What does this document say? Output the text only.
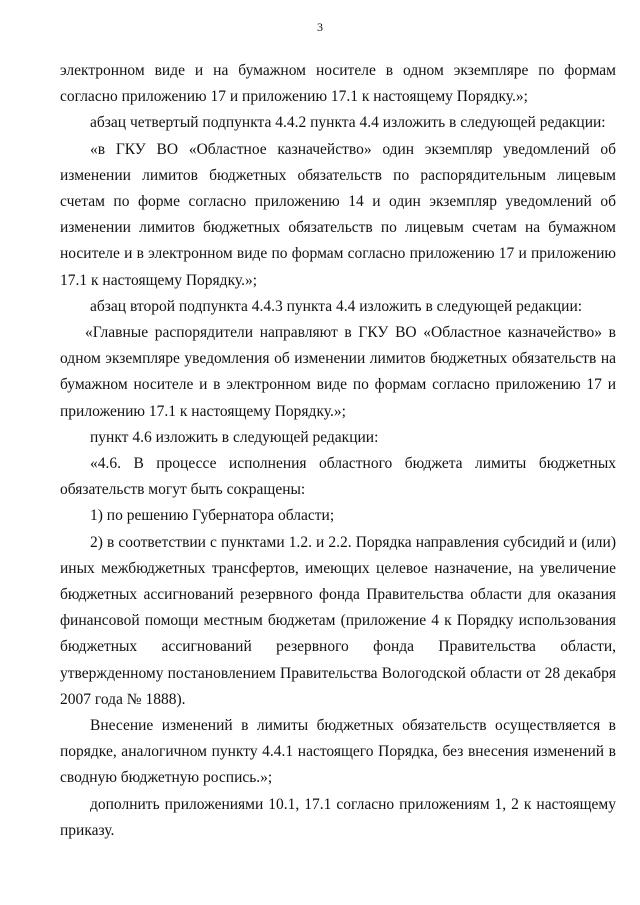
3

электронном виде и на бумажном носителе в одном экземпляре по формам согласно приложению 17 и приложению 17.1 к настоящему Порядку.»;

абзац четвертый подпункта 4.4.2 пункта 4.4 изложить в следующей редакции:

«в ГКУ ВО «Областное казначейство» один экземпляр уведомлений об изменении лимитов бюджетных обязательств по распорядительным лицевым счетам по форме согласно приложению 14 и один экземпляр уведомлений об изменении лимитов бюджетных обязательств по лицевым счетам на бумажном носителе и в электронном виде по формам согласно приложению 17 и приложению 17.1 к настоящему Порядку.»;

абзац второй подпункта 4.4.3 пункта 4.4 изложить в следующей редакции:

«Главные распорядители направляют в ГКУ ВО «Областное казначейство» в одном экземпляре уведомления об изменении лимитов бюджетных обязательств на бумажном носителе и в электронном виде по формам согласно приложению 17 и приложению 17.1 к настоящему Порядку.»;

пункт 4.6 изложить в следующей редакции:

«4.6. В процессе исполнения областного бюджета лимиты бюджетных обязательств могут быть сокращены:

1) по решению Губернатора области;

2) в соответствии с пунктами 1.2. и 2.2. Порядка направления субсидий и (или) иных межбюджетных трансфертов, имеющих целевое назначение, на увеличение бюджетных ассигнований резервного фонда Правительства области для оказания финансовой помощи местным бюджетам (приложение 4 к Порядку использования бюджетных ассигнований резервного фонда Правительства области, утвержденному постановлением Правительства Вологодской области от 28 декабря 2007 года № 1888).

Внесение изменений в лимиты бюджетных обязательств осуществляется в порядке, аналогичном пункту 4.4.1 настоящего Порядка, без внесения изменений в сводную бюджетную роспись.»;

дополнить приложениями 10.1, 17.1 согласно приложениям 1, 2 к настоящему приказу.
